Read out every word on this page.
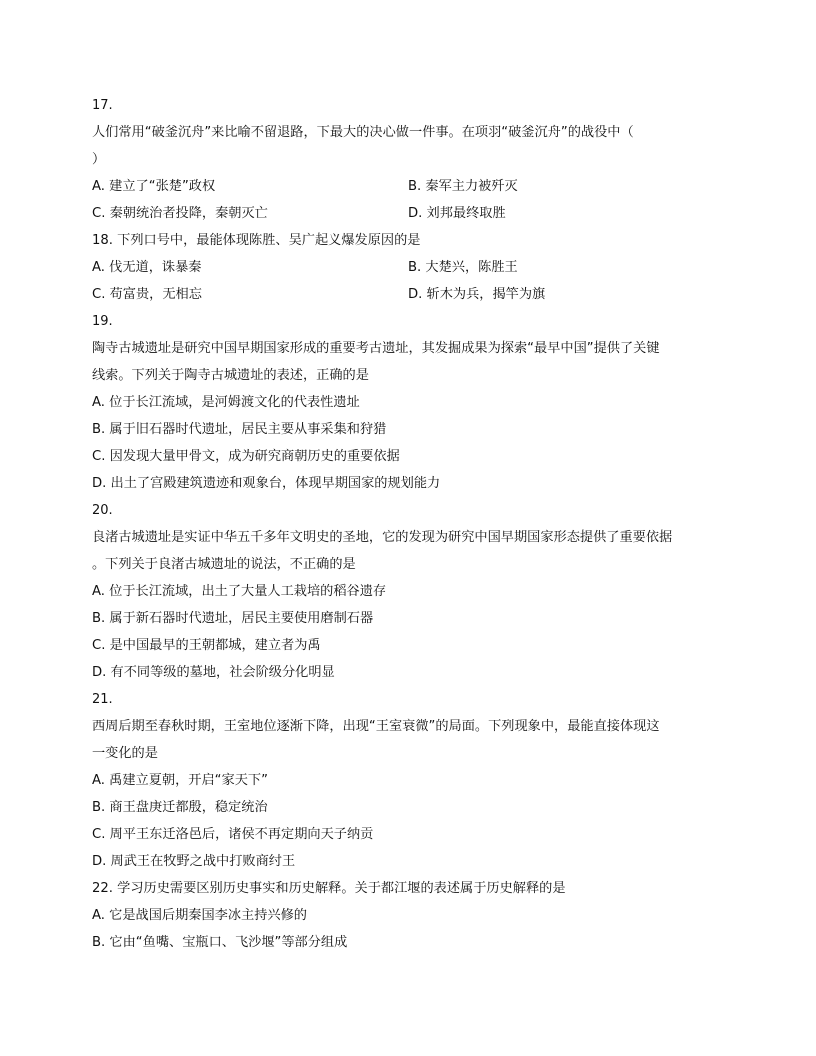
17.
人们常用“破釜沉舟”来比喻不留退路，下最大的决心做一件事。在项羽“破釜沉舟”的战役中（
）
A. 建立了“张楚”政权	B. 秦军主力被歼灭
C. 秦朝统治者投降，秦朝灭亡	D. 刘邦最终取胜
18. 下列口号中，最能体现陈胜、吴广起义爆发原因的是
A. 伐无道，诛暴秦	B. 大楚兴，陈胜王
C. 苟富贵，无相忘	D. 斩木为兵，揭竿为旗
19.
陶寺古城遗址是研究中国早期国家形成的重要考古遗址，其发掘成果为探索“最早中国”提供了关键
线索。下列关于陶寺古城遗址的表述，正确的是
A. 位于长江流域，是河姆渡文化的代表性遗址
B. 属于旧石器时代遗址，居民主要从事采集和狩猎
C. 因发现大量甲骨文，成为研究商朝历史的重要依据
D. 出土了宫殿建筑遗迹和观象台，体现早期国家的规划能力
20.
良渚古城遗址是实证中华五千多年文明史的圣地，它的发现为研究中国早期国家形态提供了重要依据
。下列关于良渚古城遗址的说法，不正确的是
A. 位于长江流域，出土了大量人工栽培的稻谷遗存
B. 属于新石器时代遗址，居民主要使用磨制石器
C. 是中国最早的王朝都城，建立者为禹
D. 有不同等级的墓地，社会阶级分化明显
21.
西周后期至春秋时期，王室地位逐渐下降，出现“王室衰微”的局面。下列现象中，最能直接体现这
一变化的是
A. 禹建立夏朝，开启“家天下”
B. 商王盘庚迁都殷，稳定统治
C. 周平王东迁洛邑后，诸侯不再定期向天子纳贡
D. 周武王在牧野之战中打败商纣王
22. 学习历史需要区别历史事实和历史解释。关于都江堰的表述属于历史解释的是
A. 它是战国后期秦国李冰主持兴修的
B. 它由“鱼嘴、宝瓶口、飞沙堰”等部分组成
